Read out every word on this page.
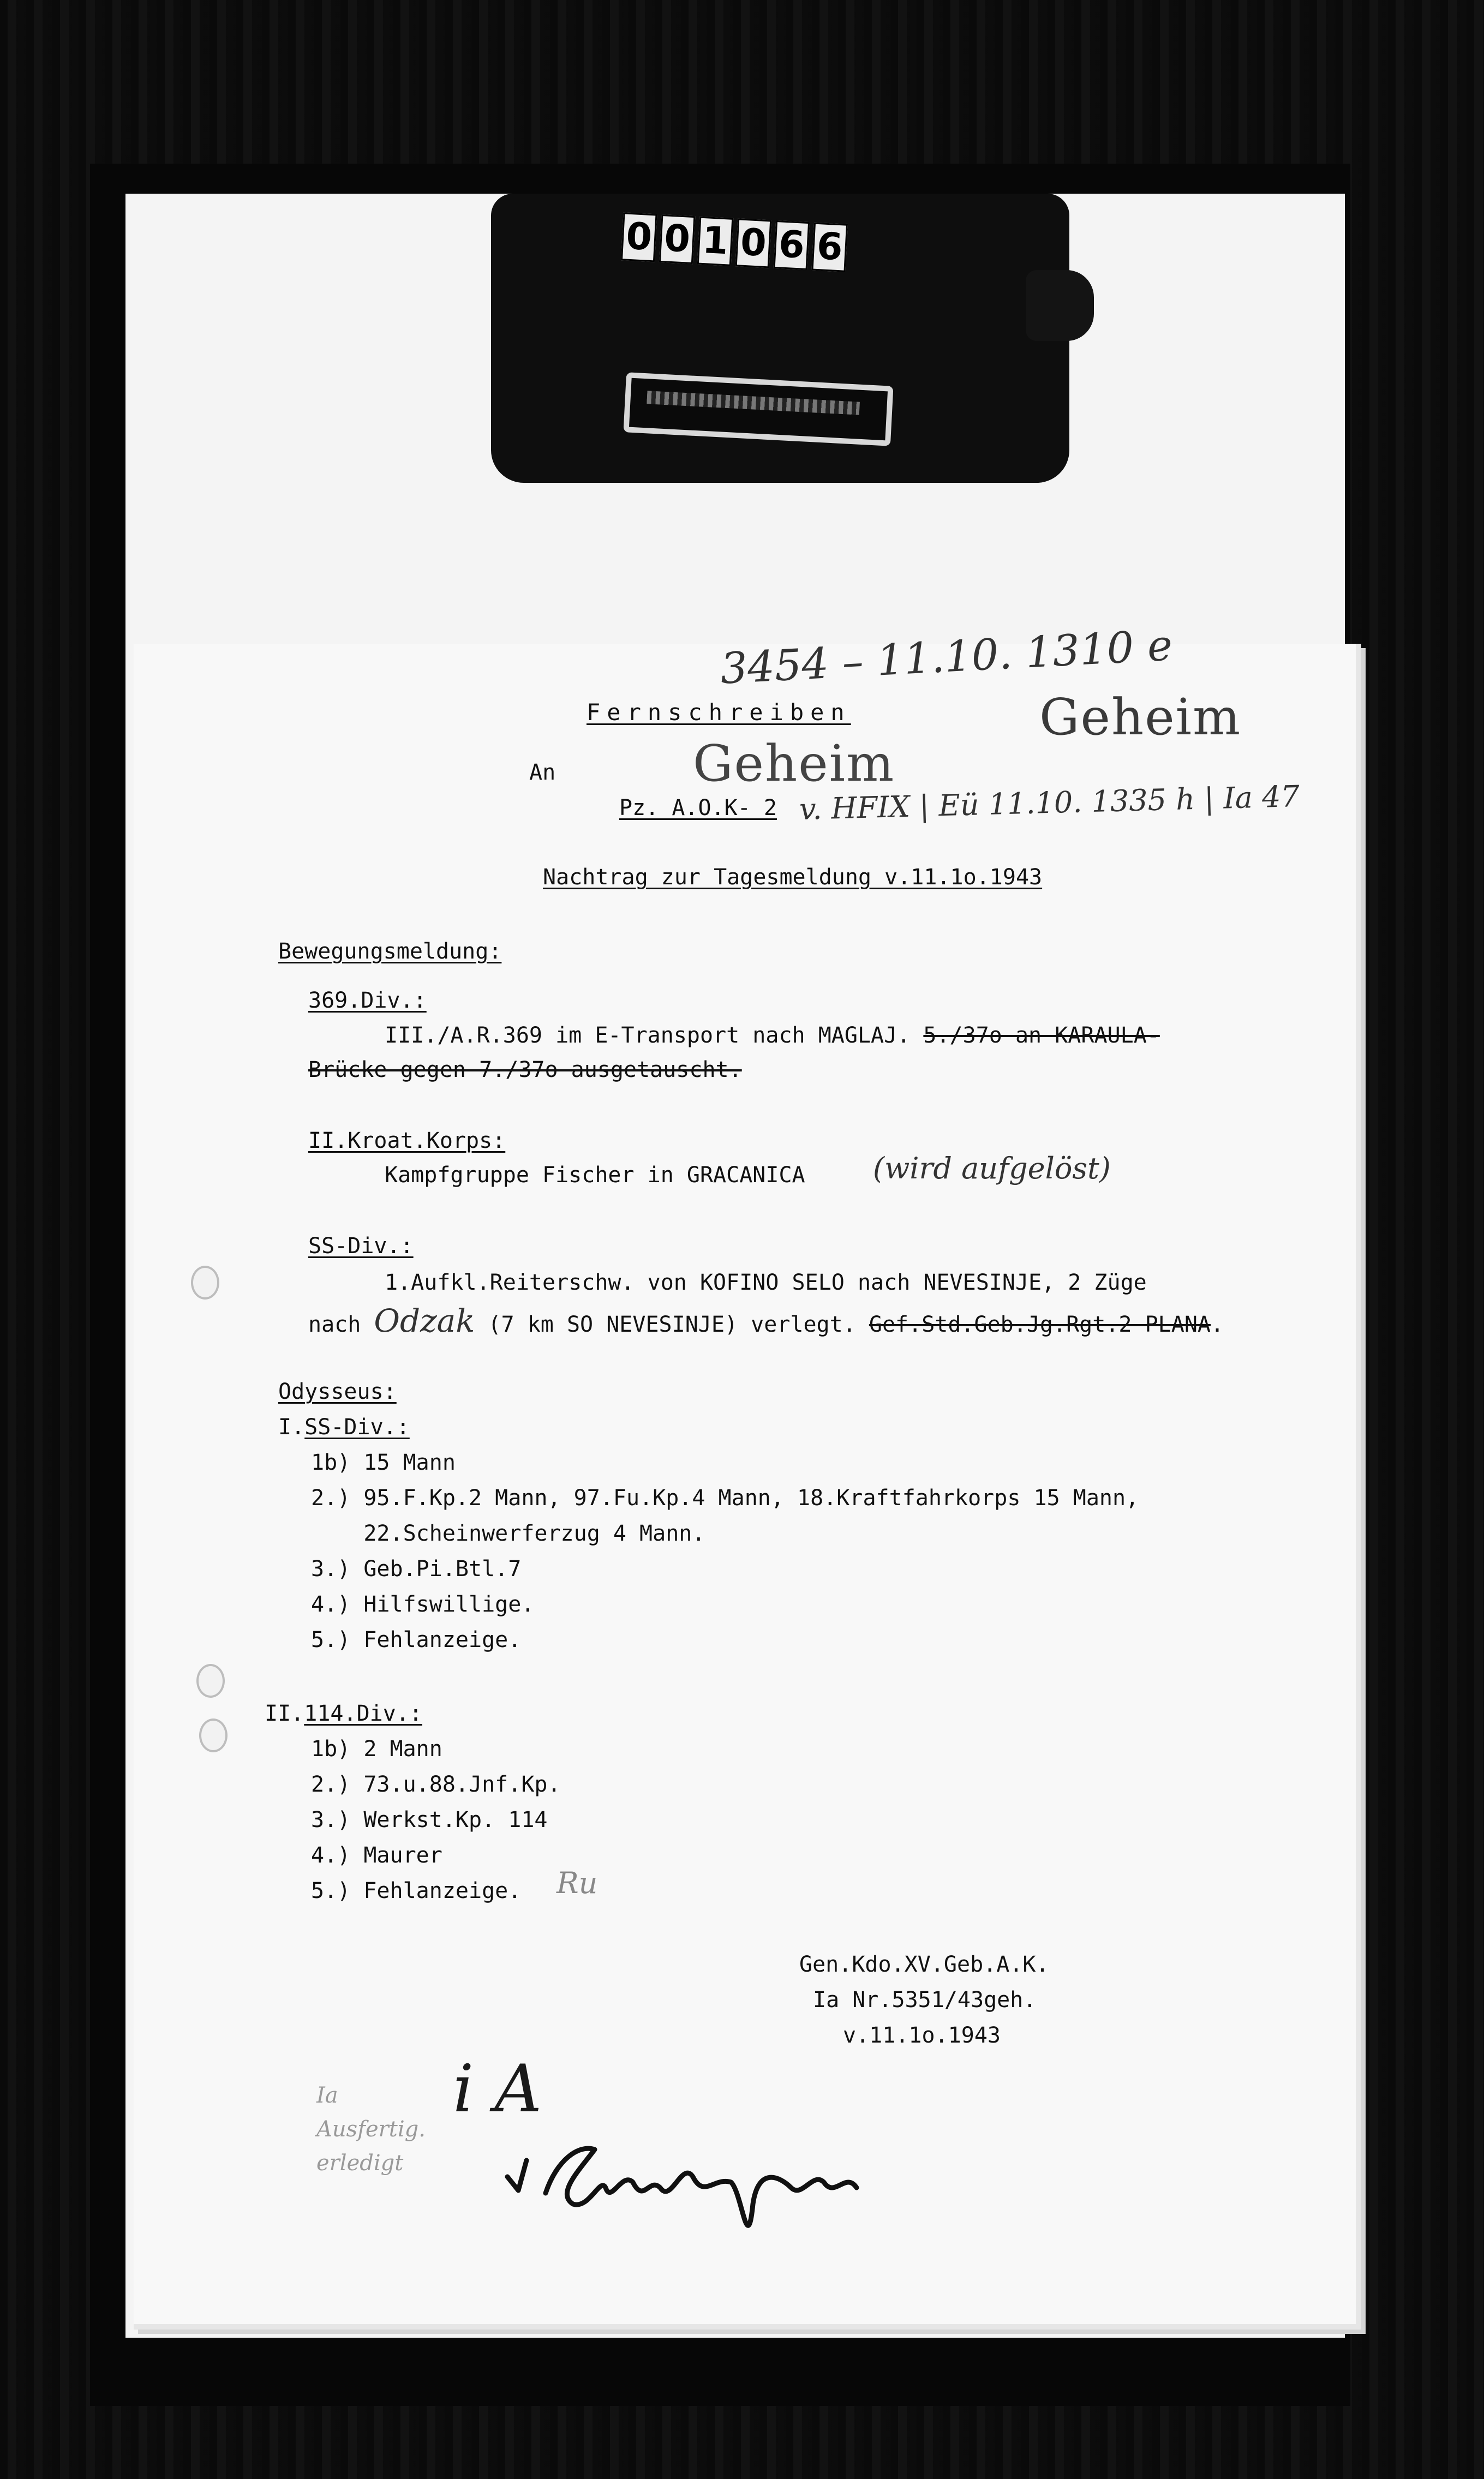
0 0 1 0 6 6
3454 – 11.10. 1310 e
Fernschreiben	Geheim
Geheim
An
Pz. A.O.K- 2 v. HFIX | Eü 11.10. 1335 h | Ia 47
Nachtrag zur Tagesmeldung v.11.1o.1943
Bewegungsmeldung:
369.Div.:
III./A.R.369 im E-Transport nach MAGLAJ. 5./37o an KARAULA-
Brücke gegen 7./37o ausgetauscht.
II.Kroat.Korps:
Kampfgruppe Fischer in GRACANICA (wird aufgelöst)
SS-Div.:
1.Aufkl.Reiterschw. von KOFINO SELO nach NEVESINJE, 2 Züge
nach Odzak (7 km SO NEVESINJE) verlegt. Gef.Std.Geb.Jg.Rgt.2 PLANA.
Odysseus:
I.SS-Div.:
1b) 15 Mann
2.) 95.F.Kp.2 Mann, 97.Fu.Kp.4 Mann, 18.Kraftfahrkorps 15 Mann,
22.Scheinwerferzug 4 Mann.
3.) Geb.Pi.Btl.7
4.) Hilfswillige.
5.) Fehlanzeige.
II.114.Div.:
1b) 2 Mann
2.) 73.u.88.Jnf.Kp.
3.) Werkst.Kp. 114
4.) Maurer
5.) Fehlanzeige. Ru
Gen.Kdo.XV.Geb.A.K.
Ia Nr.5351/43geh.
v.11.1o.1943
Ia
Ausfertig.
erledigt
i A
